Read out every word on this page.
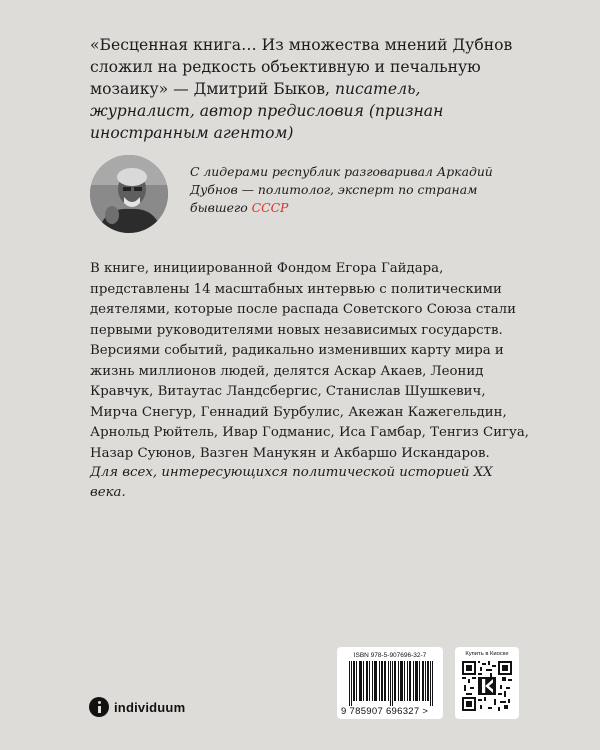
«Бесценная книга… Из множества мнений Дубнов сложил на редкость объективную и печальную мозаику» — Дмитрий Быков, писатель, журналист, автор предисловия (признан иностранным агентом)

С лидерами республик разговаривал Аркадий Дубнов — политолог, эксперт по странам бывшего СССР
В книге, инициированной Фондом Егора Гайдара, представлены 14 масштабных интервью с политическими деятелями, которые после распада Советского Союза стали первыми руководителями новых независимых государств. Версиями событий, радикально изменивших карту мира и жизнь миллионов людей, делятся Аскар Акаев, Леонид Кравчук, Витаутас Ландсбергис, Станислав Шушкевич, Мирча Снегур, Геннадий Бурбулис, Акежан Кажегельдин, Арнольд Рюйтель, Ивар Годманис, Иса Гамбар, Тенгиз Сигуа, Назар Суюнов, Вазген Манукян и Акбаршо Искандаров.
Для всех, интересующихся политической историей XX века.
individuum
ISBN 978-5-907696-32-7
9 785907 696327 >
Купить в Киоске
